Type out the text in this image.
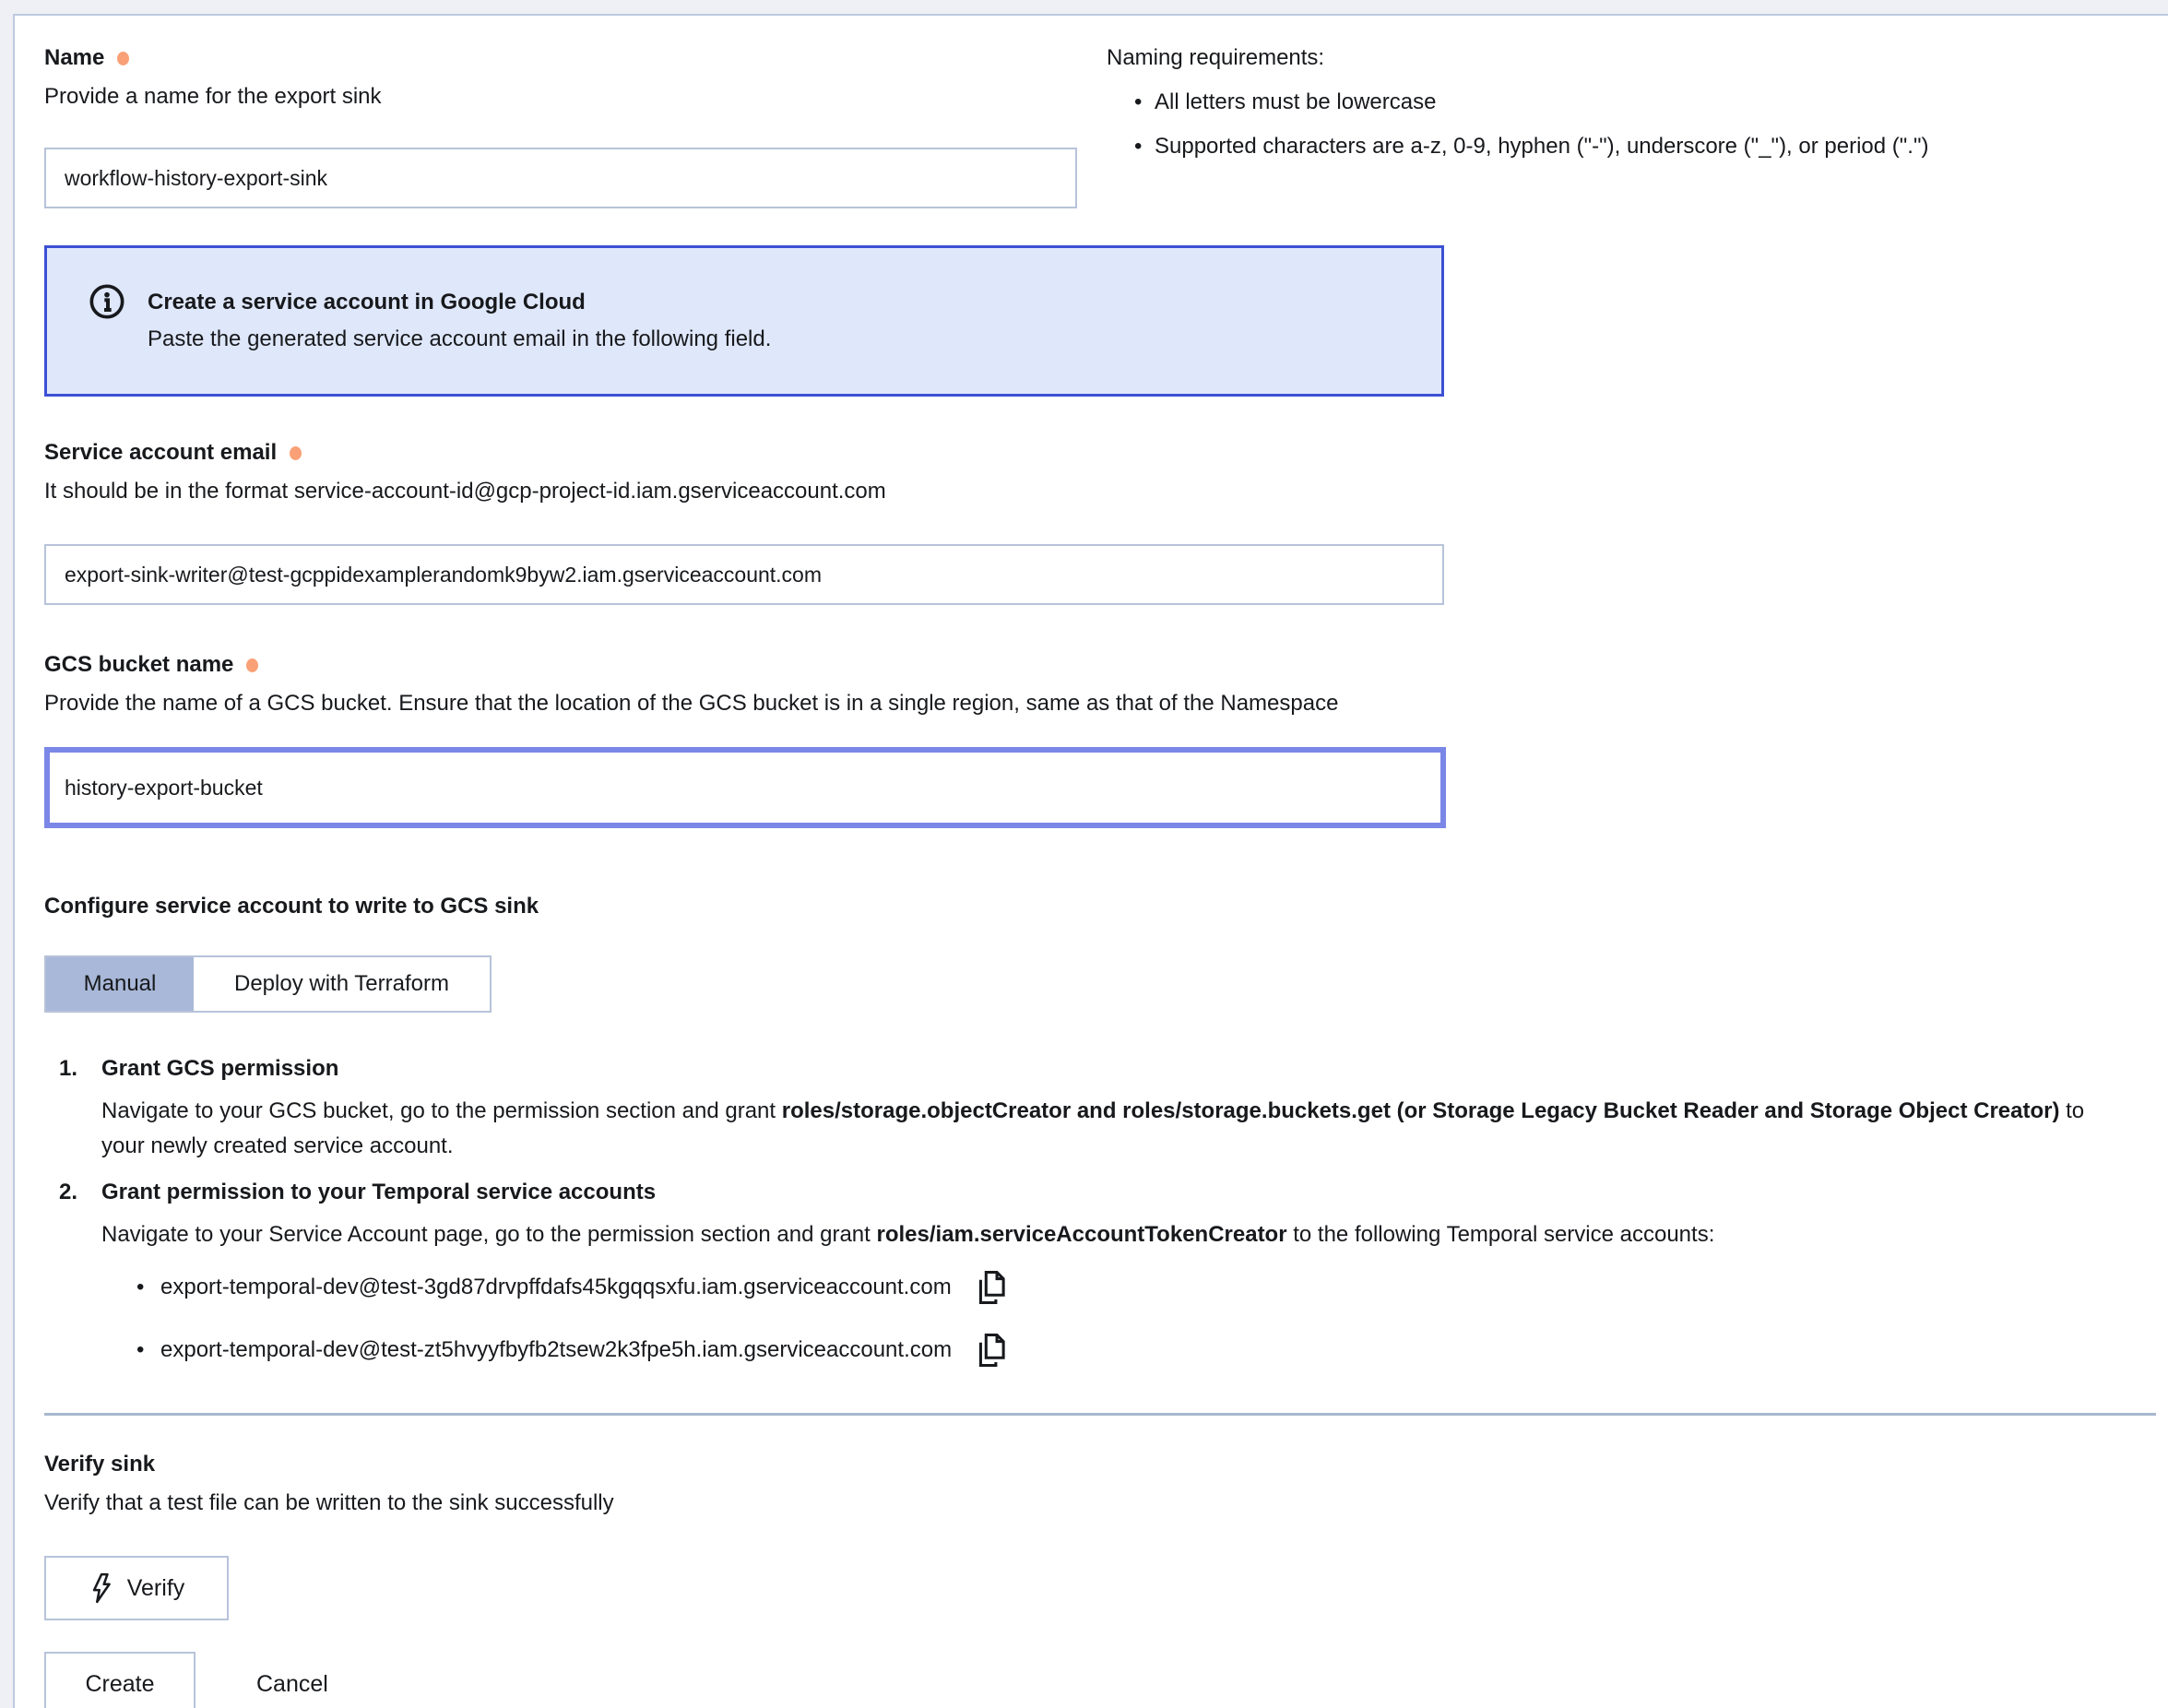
Name
Provide a name for the export sink
workflow-history-export-sink
Naming requirements:
• All letters must be lowercase
• Supported characters are a-z, 0-9, hyphen ("-"), underscore ("_"), or period (".")
Create a service account in Google Cloud
Paste the generated service account email in the following field.
Service account email
It should be in the format service-account-id@gcp-project-id.iam.gserviceaccount.com
export-sink-writer@test-gcppidexamplerandomk9byw2.iam.gserviceaccount.com
GCS bucket name
Provide the name of a GCS bucket. Ensure that the location of the GCS bucket is in a single region, same as that of the Namespace
history-export-bucket
Configure service account to write to GCS sink
Manual	Deploy with Terraform
1.	Grant GCS permission
Navigate to your GCS bucket, go to the permission section and grant roles/storage.objectCreator and roles/storage.buckets.get (or Storage Legacy Bucket Reader and Storage Object Creator) to your newly created service account.
2.	Grant permission to your Temporal service accounts
Navigate to your Service Account page, go to the permission section and grant roles/iam.serviceAccountTokenCreator to the following Temporal service accounts:
• export-temporal-dev@test-3gd87drvpffdafs45kgqqsxfu.iam.gserviceaccount.com
• export-temporal-dev@test-zt5hvyyfbyfb2tsew2k3fpe5h.iam.gserviceaccount.com
Verify sink
Verify that a test file can be written to the sink successfully
Verify
Create	Cancel
